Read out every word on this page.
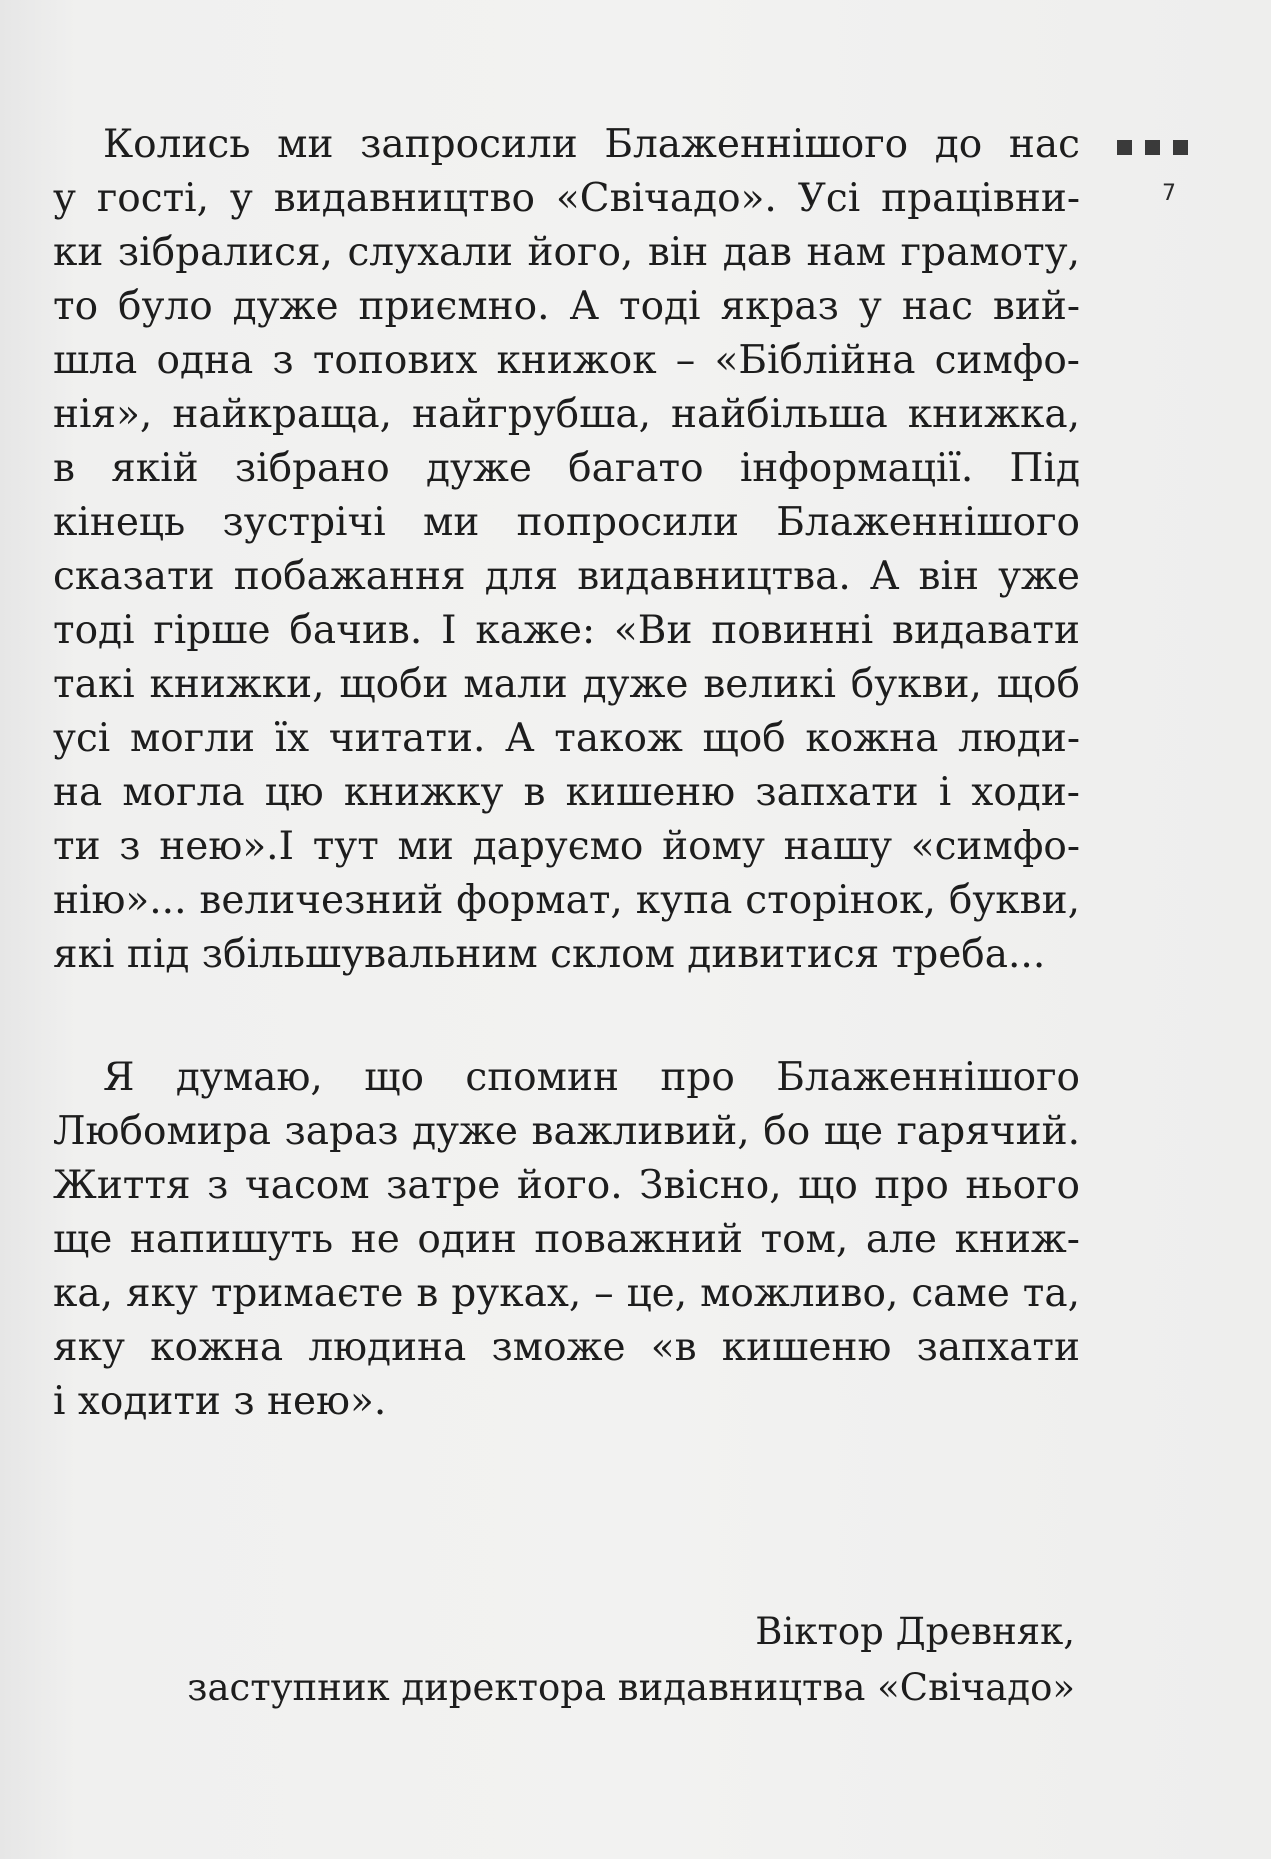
7
Колись ми запросили Блаженнішого до нас
у гості, у видавництво «Свічадо». Усі працівни-
ки зібралися, слухали його, він дав нам грамоту,
то було дуже приємно. А тоді якраз у нас вий-
шла одна з топових книжок – «Біблійна симфо-
нія», найкраща, найгрубша, найбільша книжка,
в якій зібрано дуже багато інформації. Під
кінець зустрічі ми попросили Блаженнішого
сказати побажання для видавництва. А він уже
тоді гірше бачив. І каже: «Ви повинні видавати
такі книжки, щоби мали дуже великі букви, щоб
усі могли їх читати. А також щоб кожна люди-
на могла цю книжку в кишеню запхати і ходи-
ти з нею».І тут ми даруємо йому нашу «симфо-
нію»... величезний формат, купа сторінок, букви,
які під збільшувальним склом дивитися треба...
Я думаю, що спомин про Блаженнішого
Любомира зараз дуже важливий, бо ще гарячий.
Життя з часом затре його. Звісно, що про нього
ще напишуть не один поважний том, але книж-
ка, яку тримаєте в руках, – це, можливо, саме та,
яку кожна людина зможе «в кишеню запхати
і ходити з нею».
Віктор Древняк,
заступник директора видавництва «Свічадо»
